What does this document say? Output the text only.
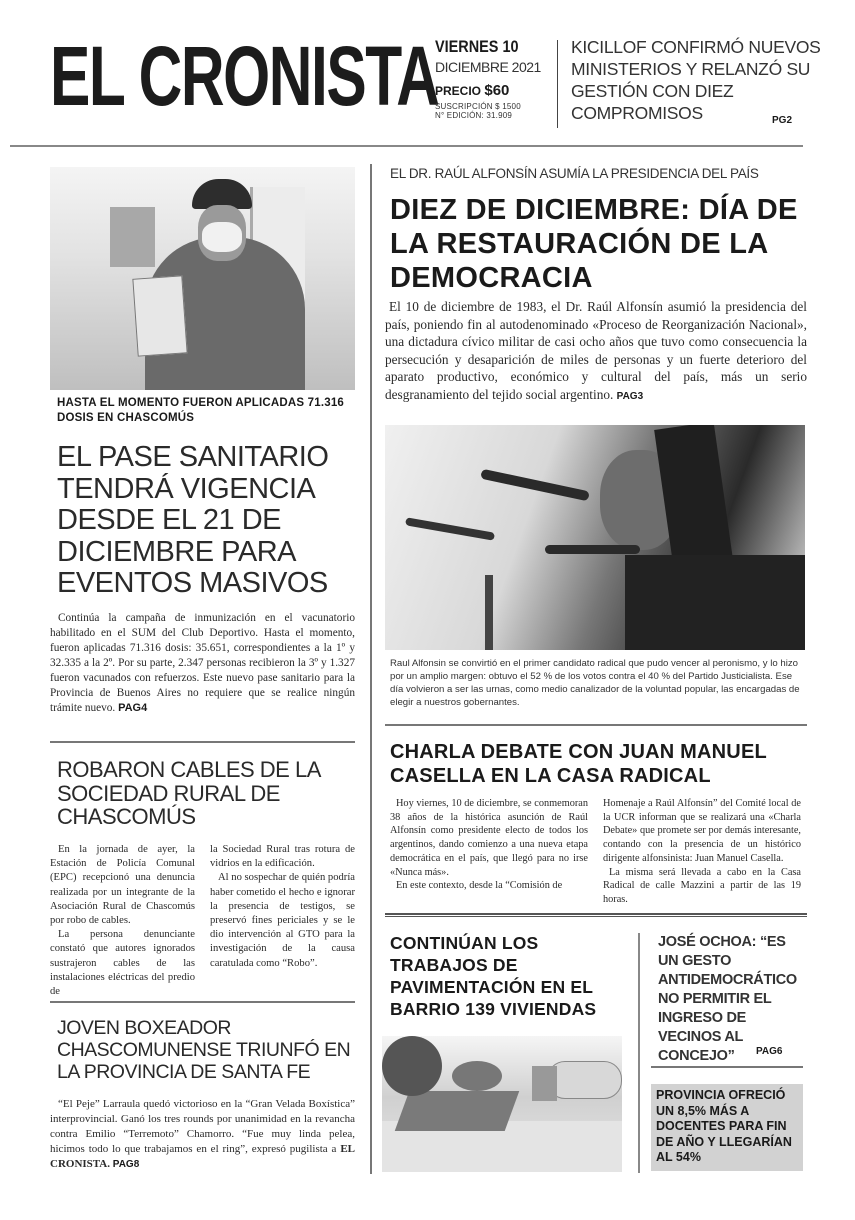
EL CRONISTA
VIERNES 10
DICIEMBRE 2021
PRECIO $60
SUSCRIPCIÓN $ 1500
N° EDICIÓN: 31.909
KICILLOF CONFIRMÓ NUEVOS MINISTERIOS Y RELANZÓ SU GESTIÓN CON DIEZ COMPROMISOS	PG2
HASTA EL MOMENTO FUERON APLICADAS 71.316 DOSIS EN CHASCOMÚS
EL PASE SANITARIO TENDRÁ VIGENCIA DESDE EL 21 DE DICIEMBRE PARA EVENTOS MASIVOS

Continúa la campaña de inmunización en el vacunatorio habilitado en el SUM del Club Deportivo. Hasta el momento, fueron aplicadas 71.316 dosis: 35.651, correspondientes a la 1º y 32.335 a la 2º. Por su parte, 2.347 personas recibieron la 3º y 1.327 fueron vacunados con refuerzos. Este nuevo pase sanitario para la Provincia de Buenos Aires no requiere que se realice ningún trámite nuevo. PAG4

ROBARON CABLES DE LA SOCIEDAD RURAL DE CHASCOMÚS

En la jornada de ayer, la Estación de Policía Comunal (EPC) recepcionó una denuncia realizada por un integrante de la Asociación Rural de Chascomús por robo de cables.

La persona denunciante constató que autores ignorados sustrajeron cables de las instalaciones eléctricas del predio de

la Sociedad Rural tras rotura de vidrios en la edificación.

Al no sospechar de quién podría haber cometido el hecho e ignorar la presencia de testigos, se preservó fines periciales y se le dio intervención al GTO para la investigación de la causa caratulada como “Robo”.

JOVEN BOXEADOR CHASCOMUNENSE TRIUNFÓ EN LA PROVINCIA DE SANTA FE

“El Peje” Larraula quedó victorioso en la “Gran Velada Boxística” interprovincial. Ganó los tres rounds por unanimidad en la revancha contra Emilio “Terremoto” Chamorro. “Fue muy linda pelea, hicimos todo lo que trabajamos en el ring”, expresó pugilista a EL CRONISTA. PAG8

EL DR. RAÚL ALFONSÍN ASUMÍA LA PRESIDENCIA DEL PAÍS
DIEZ DE DICIEMBRE: DÍA DE LA RESTAURACIÓN DE LA DEMOCRACIA

El 10 de diciembre de 1983, el Dr. Raúl Alfonsín asumió la presidencia del país, poniendo fin al autodenominado «Proceso de Reorganización Nacional», una dictadura cívico militar de casi ocho años que tuvo como consecuencia la persecución y desaparición de miles de personas y un fuerte deterioro del aparato productivo, económico y cultural del país, más un serio desgranamiento del tejido social argentino. PAG3

Raul Alfonsin se convirtió en el primer candidato radical que pudo vencer al peronismo, y lo hizo por un amplio margen: obtuvo el 52 % de los votos contra el 40 % del Partido Justicialista. Ese día volvieron a ser las urnas, como medio canalizador de la voluntad popular, las encargadas de elegir a nuestros gobernantes.

CHARLA DEBATE CON JUAN MANUEL CASELLA EN LA CASA RADICAL

Hoy viernes, 10 de diciembre, se conmemoran 38 años de la histórica asunción de Raúl Alfonsín como presidente electo de todos los argentinos, dando comienzo a una nueva etapa democrática en el país, que llegó para no irse «Nunca más».

En este contexto, desde la “Comisión de

Homenaje a Raúl Alfonsín” del Comité local de la UCR informan que se realizará una «Charla Debate» que promete ser por demás interesante, contando con la presencia de un histórico dirigente alfonsinista: Juan Manuel Casella.

La misma será llevada a cabo en la Casa Radical de calle Mazzini a partir de las 19 horas.

CONTINÚAN LOS TRABAJOS DE PAVIMENTACIÓN EN EL BARRIO 139 VIVIENDAS
JOSÉ OCHOA: “ES UN GESTO ANTIDEMOCRÁTICO NO PERMITIR EL INGRESO DE VECINOS AL CONCEJO”	PAG6
PROVINCIA OFRECIÓ UN 8,5% MÁS A DOCENTES PARA FIN DE AÑO Y LLEGARÍAN AL 54%
